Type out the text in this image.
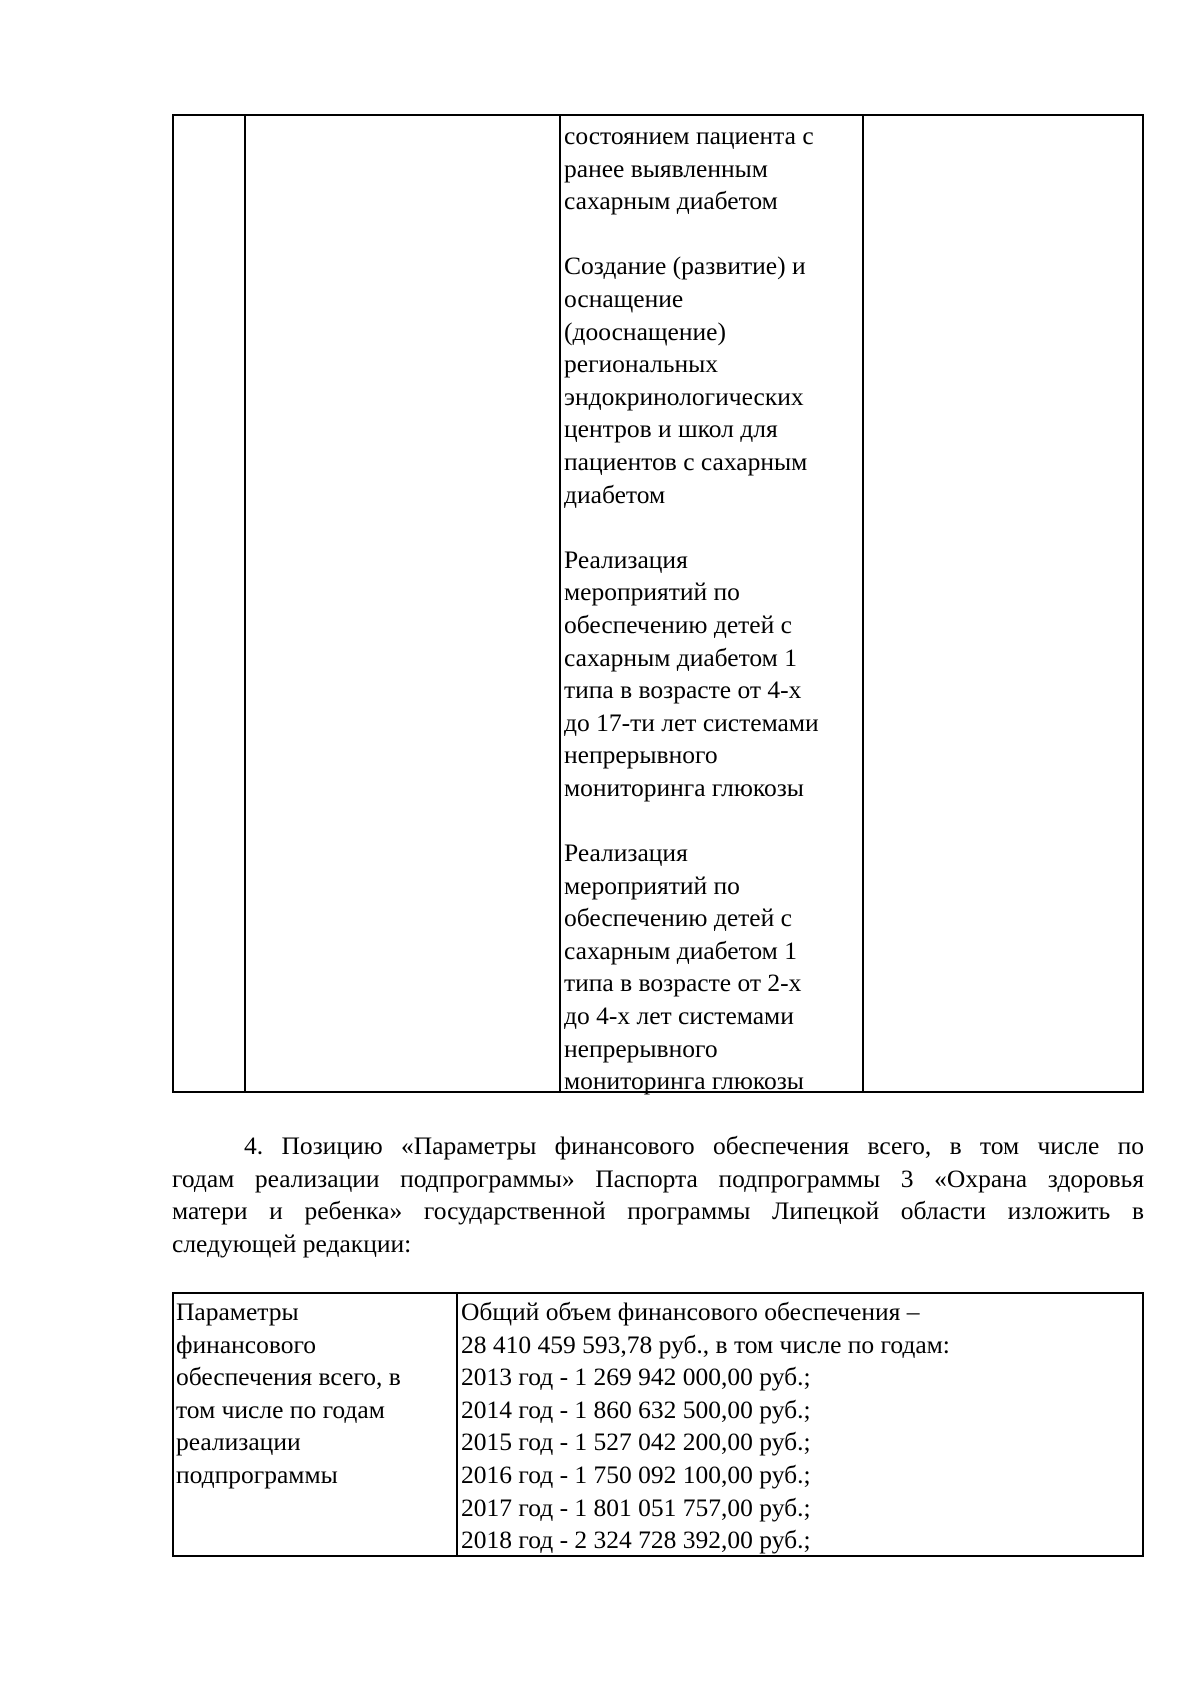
состоянием пациента с
ранее выявленным
сахарным диабетом

Создание (развитие) и
оснащение
(дооснащение)
региональных
эндокринологических
центров и школ для
пациентов с сахарным
диабетом

Реализация
мероприятий по
обеспечению детей с
сахарным диабетом 1
типа в возрасте от 4-х
до 17-ти лет системами
непрерывного
мониторинга глюкозы

Реализация
мероприятий по
обеспечению детей с
сахарным диабетом 1
типа в возрасте от 2-х
до 4-х лет системами
непрерывного
мониторинга глюкозы

4. Позицию «Параметры финансового обеспечения всего, в том числе по
годам реализации подпрограммы» Паспорта подпрограммы 3 «Охрана здоровья
матери и ребенка» государственной программы Липецкой области изложить в
следующей редакции:
Параметры
финансового
обеспечения всего, в
том числе по годам
реализации
подпрограммы
Общий объем финансового обеспечения –
28 410 459 593,78 руб., в том числе по годам:
2013 год - 1 269 942 000,00 руб.;
2014 год - 1 860 632 500,00 руб.;
2015 год - 1 527 042 200,00 руб.;
2016 год - 1 750 092 100,00 руб.;
2017 год - 1 801 051 757,00 руб.;
2018 год - 2 324 728 392,00 руб.;
